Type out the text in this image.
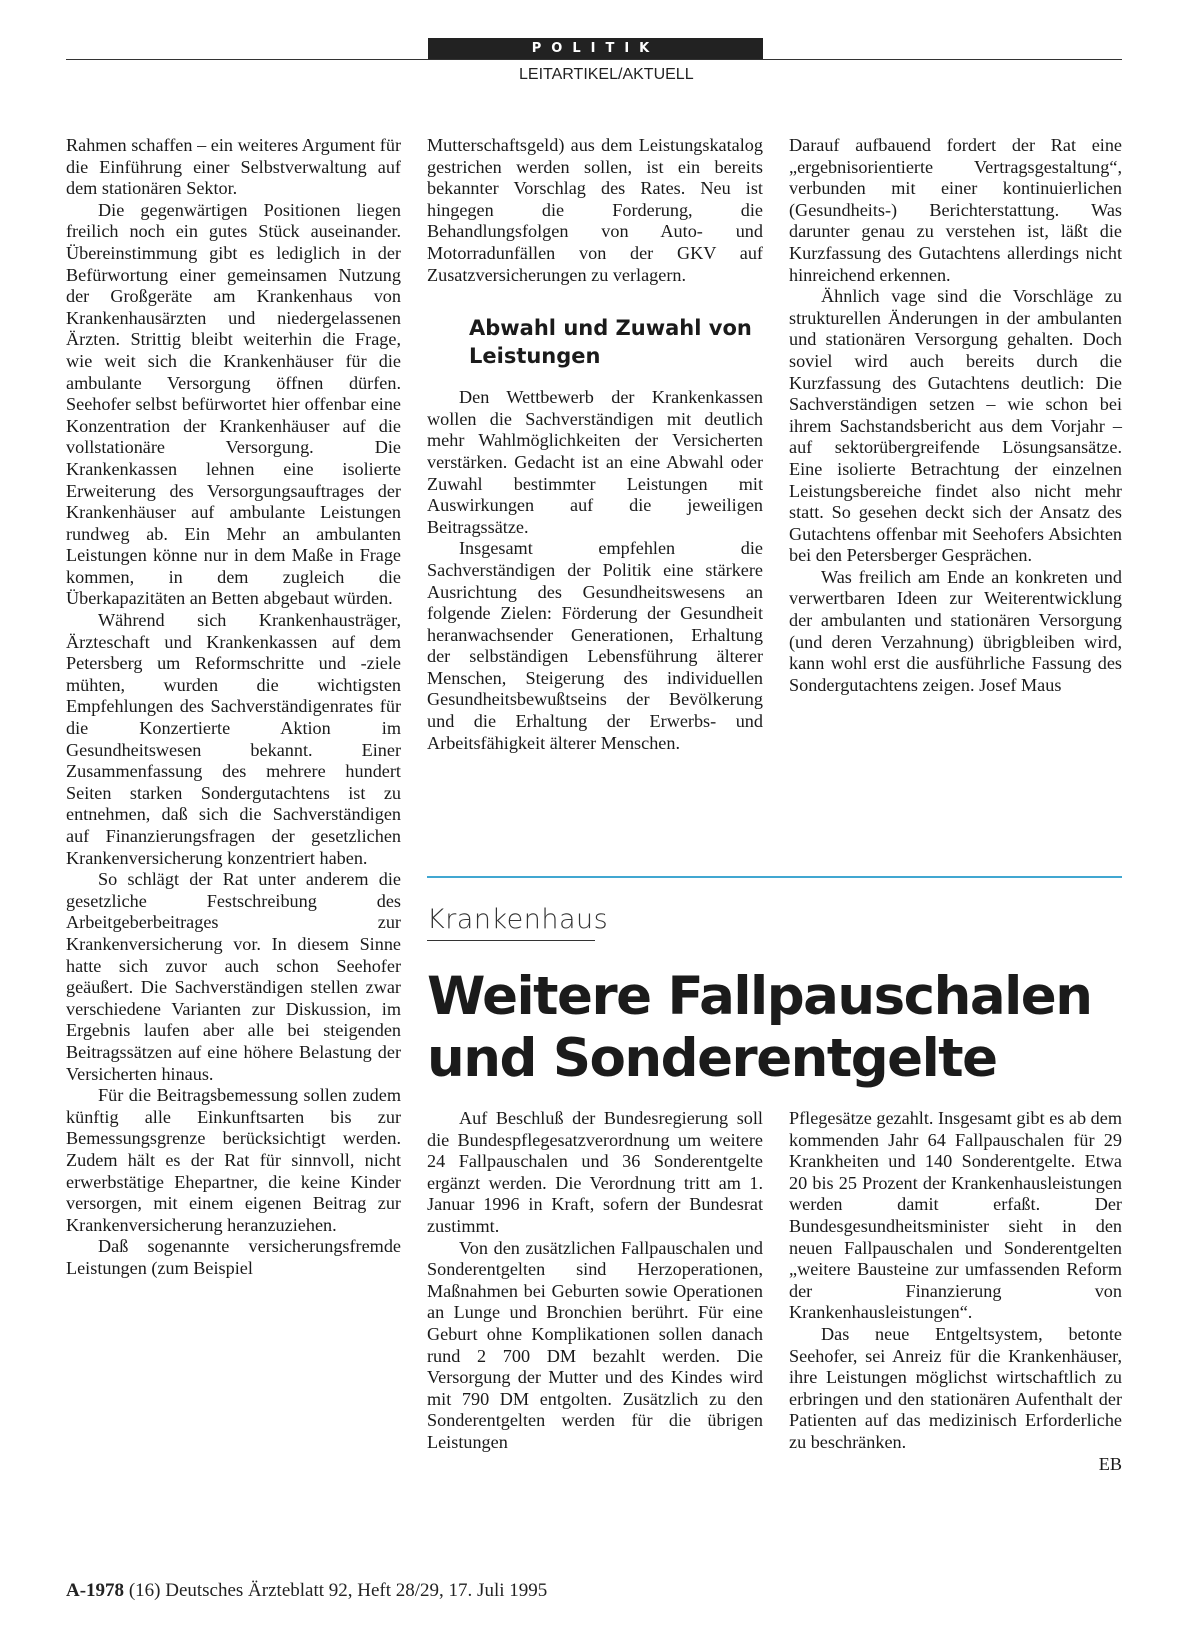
POLITIK
LEITARTIKEL/AKTUELL

Rahmen schaffen – ein weiteres Argument für die Einführung einer Selbstverwaltung auf dem stationären Sektor.

Die gegenwärtigen Positionen liegen freilich noch ein gutes Stück auseinander. Übereinstimmung gibt es lediglich in der Befürwortung einer gemeinsamen Nutzung der Großgeräte am Krankenhaus von Krankenhausärzten und niedergelassenen Ärzten. Strittig bleibt weiterhin die Frage, wie weit sich die Krankenhäuser für die ambulante Versorgung öffnen dürfen. Seehofer selbst befürwortet hier offenbar eine Konzentration der Krankenhäuser auf die vollstationäre Versorgung. Die Krankenkassen lehnen eine isolierte Erweiterung des Versorgungsauftrages der Krankenhäuser auf ambulante Leistungen rundweg ab. Ein Mehr an ambulanten Leistungen könne nur in dem Maße in Frage kommen, in dem zugleich die Überkapazitäten an Betten abgebaut würden.

Während sich Krankenhausträger, Ärzteschaft und Krankenkassen auf dem Petersberg um Reformschritte und -ziele mühten, wurden die wichtigsten Empfehlungen des Sachverständigenrates für die Konzertierte Aktion im Gesundheitswesen bekannt. Einer Zusammenfassung des mehrere hundert Seiten starken Sondergutachtens ist zu entnehmen, daß sich die Sachverständigen auf Finanzierungsfragen der gesetzlichen Krankenversicherung konzentriert haben.

So schlägt der Rat unter anderem die gesetzliche Festschreibung des Arbeitgeberbeitrages zur Krankenversicherung vor. In diesem Sinne hatte sich zuvor auch schon Seehofer geäußert. Die Sachverständigen stellen zwar verschiedene Varianten zur Diskussion, im Ergebnis laufen aber alle bei steigenden Beitragssätzen auf eine höhere Belastung der Versicherten hinaus.

Für die Beitragsbemessung sollen zudem künftig alle Einkunftsarten bis zur Bemessungsgrenze berücksichtigt werden. Zudem hält es der Rat für sinnvoll, nicht erwerbstätige Ehepartner, die keine Kinder versorgen, mit einem eigenen Beitrag zur Krankenversicherung heranzuziehen.

Daß sogenannte versicherungsfremde Leistungen (zum Beispiel

Mutterschaftsgeld) aus dem Leistungskatalog gestrichen werden sollen, ist ein bereits bekannter Vorschlag des Rates. Neu ist hingegen die Forderung, die Behandlungsfolgen von Auto- und Motorradunfällen von der GKV auf Zusatzversicherungen zu verlagern.

Abwahl und Zuwahl von Leistungen

Den Wettbewerb der Krankenkassen wollen die Sachverständigen mit deutlich mehr Wahlmöglichkeiten der Versicherten verstärken. Gedacht ist an eine Abwahl oder Zuwahl bestimmter Leistungen mit Auswirkungen auf die jeweiligen Beitragssätze.

Insgesamt empfehlen die Sachverständigen der Politik eine stärkere Ausrichtung des Gesundheitswesens an folgende Zielen: Förderung der Gesundheit heranwachsender Generationen, Erhaltung der selbständigen Lebensführung älterer Menschen, Steigerung des individuellen Gesundheitsbewußtseins der Bevölkerung und die Erhaltung der Erwerbs- und Arbeitsfähigkeit älterer Menschen.

Darauf aufbauend fordert der Rat eine „ergebnisorientierte Vertragsgestaltung“, verbunden mit einer kontinuierlichen (Gesundheits-) Berichterstattung. Was darunter genau zu verstehen ist, läßt die Kurzfassung des Gutachtens allerdings nicht hinreichend erkennen.

Ähnlich vage sind die Vorschläge zu strukturellen Änderungen in der ambulanten und stationären Versorgung gehalten. Doch soviel wird auch bereits durch die Kurzfassung des Gutachtens deutlich: Die Sachverständigen setzen – wie schon bei ihrem Sachstandsbericht aus dem Vorjahr – auf sektorübergreifende Lösungsansätze. Eine isolierte Betrachtung der einzelnen Leistungsbereiche findet also nicht mehr statt. So gesehen deckt sich der Ansatz des Gutachtens offenbar mit Seehofers Absichten bei den Petersberger Gesprächen.

Was freilich am Ende an konkreten und verwertbaren Ideen zur Weiterentwicklung der ambulanten und stationären Versorgung (und deren Verzahnung) übrigbleiben wird, kann wohl erst die ausführliche Fassung des Sondergutachtens zeigen. Josef Maus

Krankenhaus
Weitere Fallpauschalen
und Sonderentgelte

Auf Beschluß der Bundesregierung soll die Bundespflegesatzverordnung um weitere 24 Fallpauschalen und 36 Sonderentgelte ergänzt werden. Die Verordnung tritt am 1. Januar 1996 in Kraft, sofern der Bundesrat zustimmt.

Von den zusätzlichen Fallpauschalen und Sonderentgelten sind Herzoperationen, Maßnahmen bei Geburten sowie Operationen an Lunge und Bronchien berührt. Für eine Geburt ohne Komplikationen sollen danach rund 2 700 DM bezahlt werden. Die Versorgung der Mutter und des Kindes wird mit 790 DM entgolten. Zusätzlich zu den Sonderentgelten werden für die übrigen Leistungen

Pflegesätze gezahlt. Insgesamt gibt es ab dem kommenden Jahr 64 Fallpauschalen für 29 Krankheiten und 140 Sonderentgelte. Etwa 20 bis 25 Prozent der Krankenhausleistungen werden damit erfaßt. Der Bundesgesundheitsminister sieht in den neuen Fallpauschalen und Sonderentgelten „weitere Bausteine zur umfassenden Reform der Finanzierung von Krankenhausleistungen“.

Das neue Entgeltsystem, betonte Seehofer, sei Anreiz für die Krankenhäuser, ihre Leistungen möglichst wirtschaftlich zu erbringen und den stationären Aufenthalt der Patienten auf das medizinisch Erforderliche zu beschränken.

EB
A-1978 (16) Deutsches Ärzteblatt 92, Heft 28/29, 17. Juli 1995
